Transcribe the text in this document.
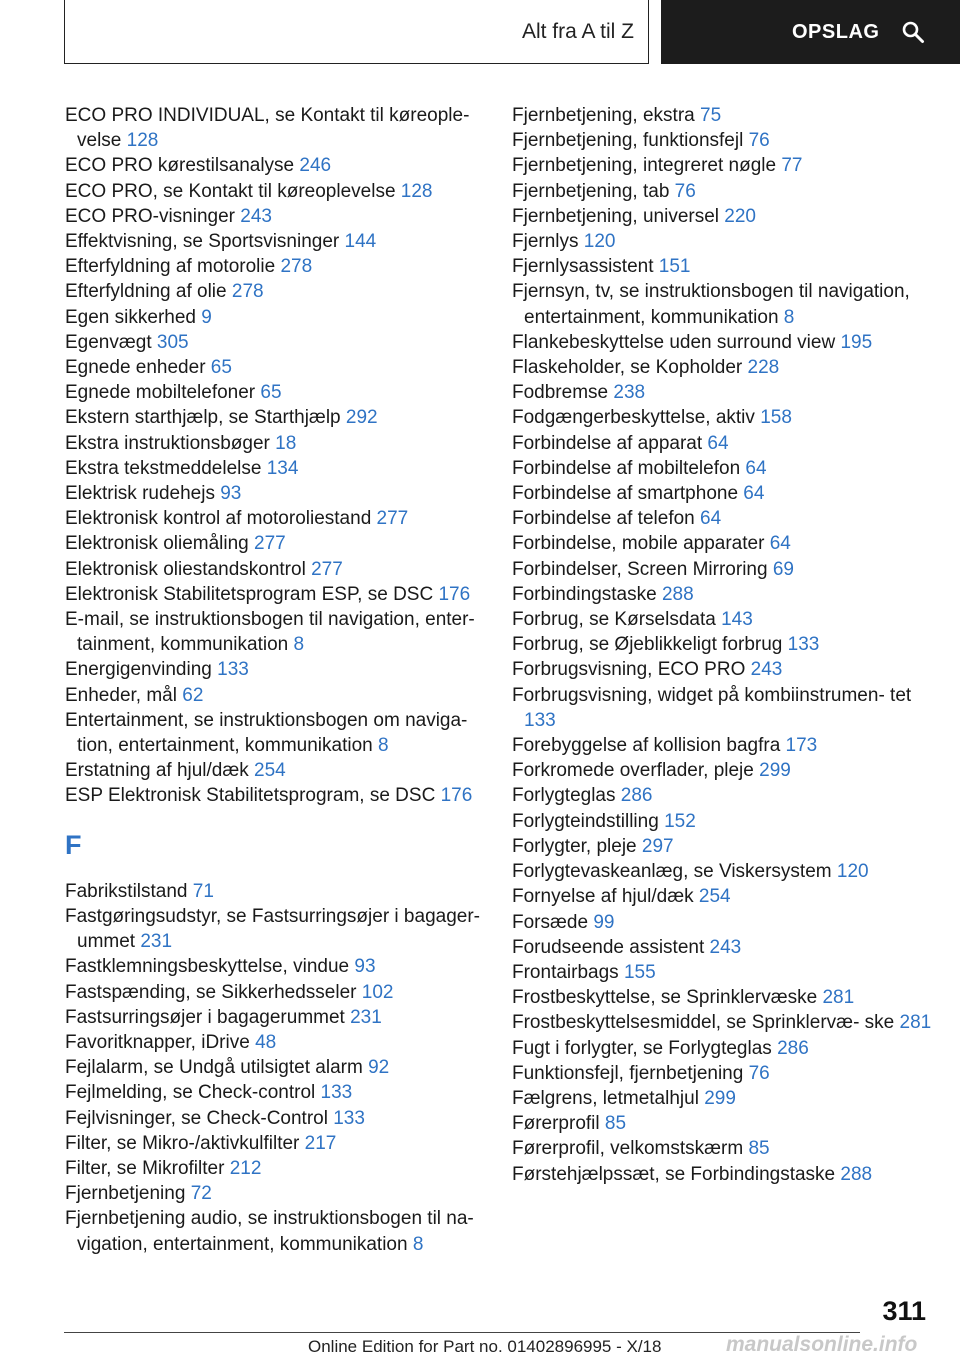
Alt fra A til Z	OPSLAG
ECO PRO INDIVIDUAL, se Kontakt til køreople‐ velse 128
ECO PRO kørestilsanalyse 246
ECO PRO, se Kontakt til køreoplevelse 128
ECO PRO-visninger 243
Effektvisning, se Sportsvisninger 144
Efterfyldning af motorolie 278
Efterfyldning af olie 278
Egen sikkerhed 9
Egenvægt 305
Egnede enheder 65
Egnede mobiltelefoner 65
Ekstern starthjælp, se Starthjælp 292
Ekstra instruktionsbøger 18
Ekstra tekstmeddelelse 134
Elektrisk rudehejs 93
Elektronisk kontrol af motoroliestand 277
Elektronisk oliemåling 277
Elektronisk oliestandskontrol 277
Elektronisk Stabilitetsprogram ESP, se DSC 176
E-mail, se instruktionsbogen til navigation, enter‐ tainment, kommunikation 8
Energigenvinding 133
Enheder, mål 62
Entertainment, se instruktionsbogen om naviga‐ tion, entertainment, kommunikation 8
Erstatning af hjul/dæk 254
ESP Elektronisk Stabilitetsprogram, se DSC 176
F
Fabrikstilstand 71
Fastgøringsudstyr, se Fastsurringsøjer i bagager‐ ummet 231
Fastklemningsbeskyttelse, vindue 93
Fastspænding, se Sikkerhedsseler 102
Fastsurringsøjer i bagagerummet 231
Favoritknapper, iDrive 48
Fejlalarm, se Undgå utilsigtet alarm 92
Fejlmelding, se Check-control 133
Fejlvisninger, se Check-Control 133
Filter, se Mikro-/aktivkulfilter 217
Filter, se Mikrofilter 212
Fjernbetjening 72
Fjernbetjening audio, se instruktionsbogen til na‐ vigation, entertainment, kommunikation 8
Fjernbetjening, ekstra 75
Fjernbetjening, funktionsfejl 76
Fjernbetjening, integreret nøgle 77
Fjernbetjening, tab 76
Fjernbetjening, universel 220
Fjernlys 120
Fjernlysassistent 151
Fjernsyn, tv, se instruktionsbogen til navigation, entertainment, kommunikation 8
Flankebeskyttelse uden surround view 195
Flaskeholder, se Kopholder 228
Fodbremse 238
Fodgængerbeskyttelse, aktiv 158
Forbindelse af apparat 64
Forbindelse af mobiltelefon 64
Forbindelse af smartphone 64
Forbindelse af telefon 64
Forbindelse, mobile apparater 64
Forbindelser, Screen Mirroring 69
Forbindingstaske 288
Forbrug, se Kørselsdata 143
Forbrug, se Øjeblikkeligt forbrug 133
Forbrugsvisning, ECO PRO 243
Forbrugsvisning, widget på kombiinstrumen‐ tet 133
Forebyggelse af kollision bagfra 173
Forkromede overflader, pleje 299
Forlygteglas 286
Forlygteindstilling 152
Forlygter, pleje 297
Forlygtevaskeanlæg, se Viskersystem 120
Fornyelse af hjul/dæk 254
Forsæde 99
Forudseende assistent 243
Frontairbags 155
Frostbeskyttelse, se Sprinklervæske 281
Frostbeskyttelsesmiddel, se Sprinklervæ‐ ske 281
Fugt i forlygter, se Forlygteglas 286
Funktionsfejl, fjernbetjening 76
Fælgrens, letmetalhjul 299
Førerprofil 85
Førerprofil, velkomstskærm 85
Førstehjælpssæt, se Forbindingstaske 288
311
Online Edition for Part no. 01402896995 - X/18	manualsonline.info
